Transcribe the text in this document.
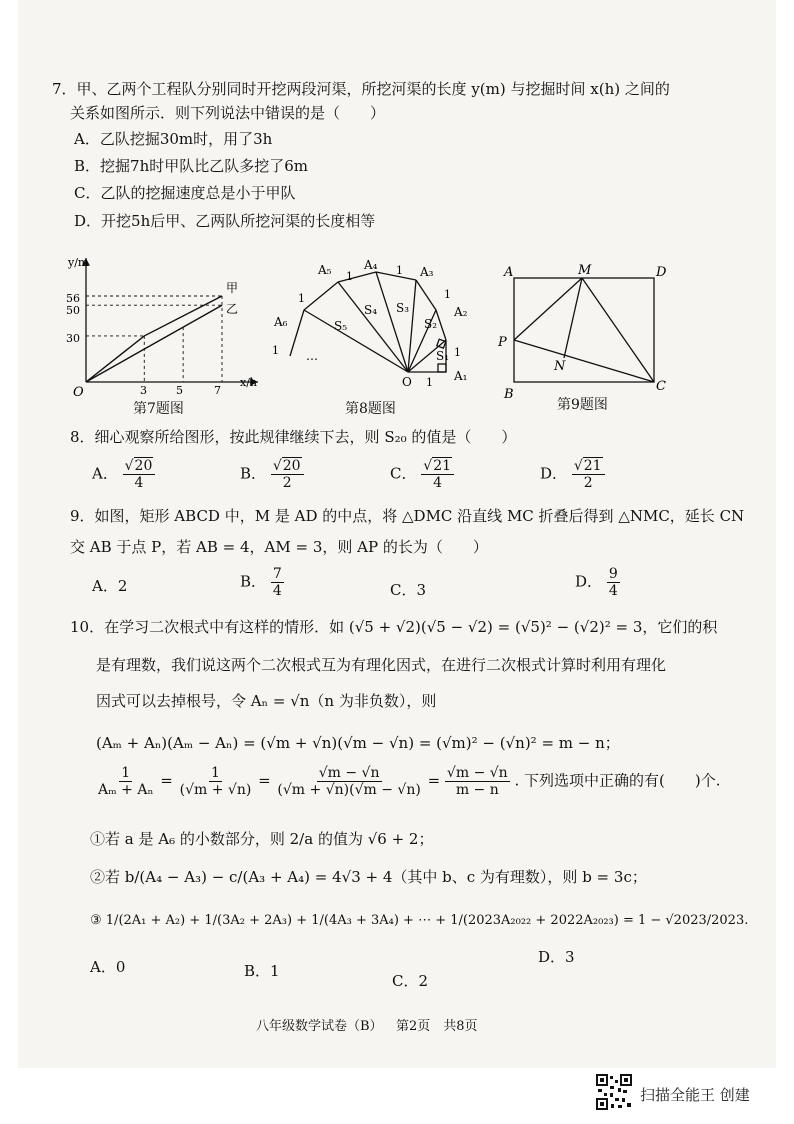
7．甲、乙两个工程队分别同时开挖两段河渠，所挖河渠的长度 y(m) 与挖掘时间 x(h) 之间的
关系如图所示．则下列说法中错误的是（　　）
A．乙队挖掘30m时，用了3h
B．挖掘7h时甲队比乙队多挖了6m
C．乙队的挖掘速度总是小于甲队
D．开挖5h后甲、乙两队所挖河渠的长度相等
y/m
x/h
O
56
50
30
3	5	7
甲
乙
第7题图
A₅	A₄	A₃
A₂
A₁
A₆
O
1	1
1
1
1
1
1
S₄ S₃
S₂
S₅
S₁
…
第8题图
A	M	D
P
N
B
C
第9题图
8．细心观察所给图形，按此规律继续下去，则 S₂₀ 的值是（　　）
A． $\frac{√20}{4}$	B． $\frac{√20}{2}$	C． $\frac{√21}{4}$	D． $\frac{√21}{2}$
9．如图，矩形 ABCD 中，M 是 AD 的中点，将 △DMC 沿直线 MC 折叠后得到 △NMC，延长 CN
交 AB 于点 P，若 AB = 4，AM = 3，则 AP 的长为（　　）
A．2	B． $\frac{7}{4}$	C．3	D． $\frac{9}{4}$
10．在学习二次根式中有这样的情形．如 (√5 + √2)(√5 − √2) = (√5)² − (√2)² = 3，它们的积
是有理数，我们说这两个二次根式互为有理化因式，在进行二次根式计算时利用有理化
因式可以去掉根号，令 Aₙ = √n（n 为非负数），则
(Aₘ + Aₙ)(Aₘ − Aₙ) = (√m + √n)(√m − √n) = (√m)² − (√n)² = m − n；
$\frac{1}{\text{Aₘ + Aₙ}} = \frac{1}{(√m + √n)} = \frac{√m - √n}{(√m + √n)(√m - √n)} = \frac{√m - √n}{m - n}$ . 下列选项中正确的有(　　)个.
①若 a 是 A₆ 的小数部分，则 2/a 的值为 √6 + 2；
②若 b/(A₄ − A₃) − c/(A₃ + A₄) = 4√3 + 4（其中 b、c 为有理数），则 b = 3c；
③ 1/(2A₁ + A₂) + 1/(3A₂ + 2A₃) + 1/(4A₃ + 3A₄) + ⋯ + 1/(2023A₂₀₂₂ + 2022A₂₀₂₃) = 1 − √2023/2023.
A．0	B．1
C．2
D．3
八年级数学试卷（B） 第2页　共8页
扫描全能王 创建
